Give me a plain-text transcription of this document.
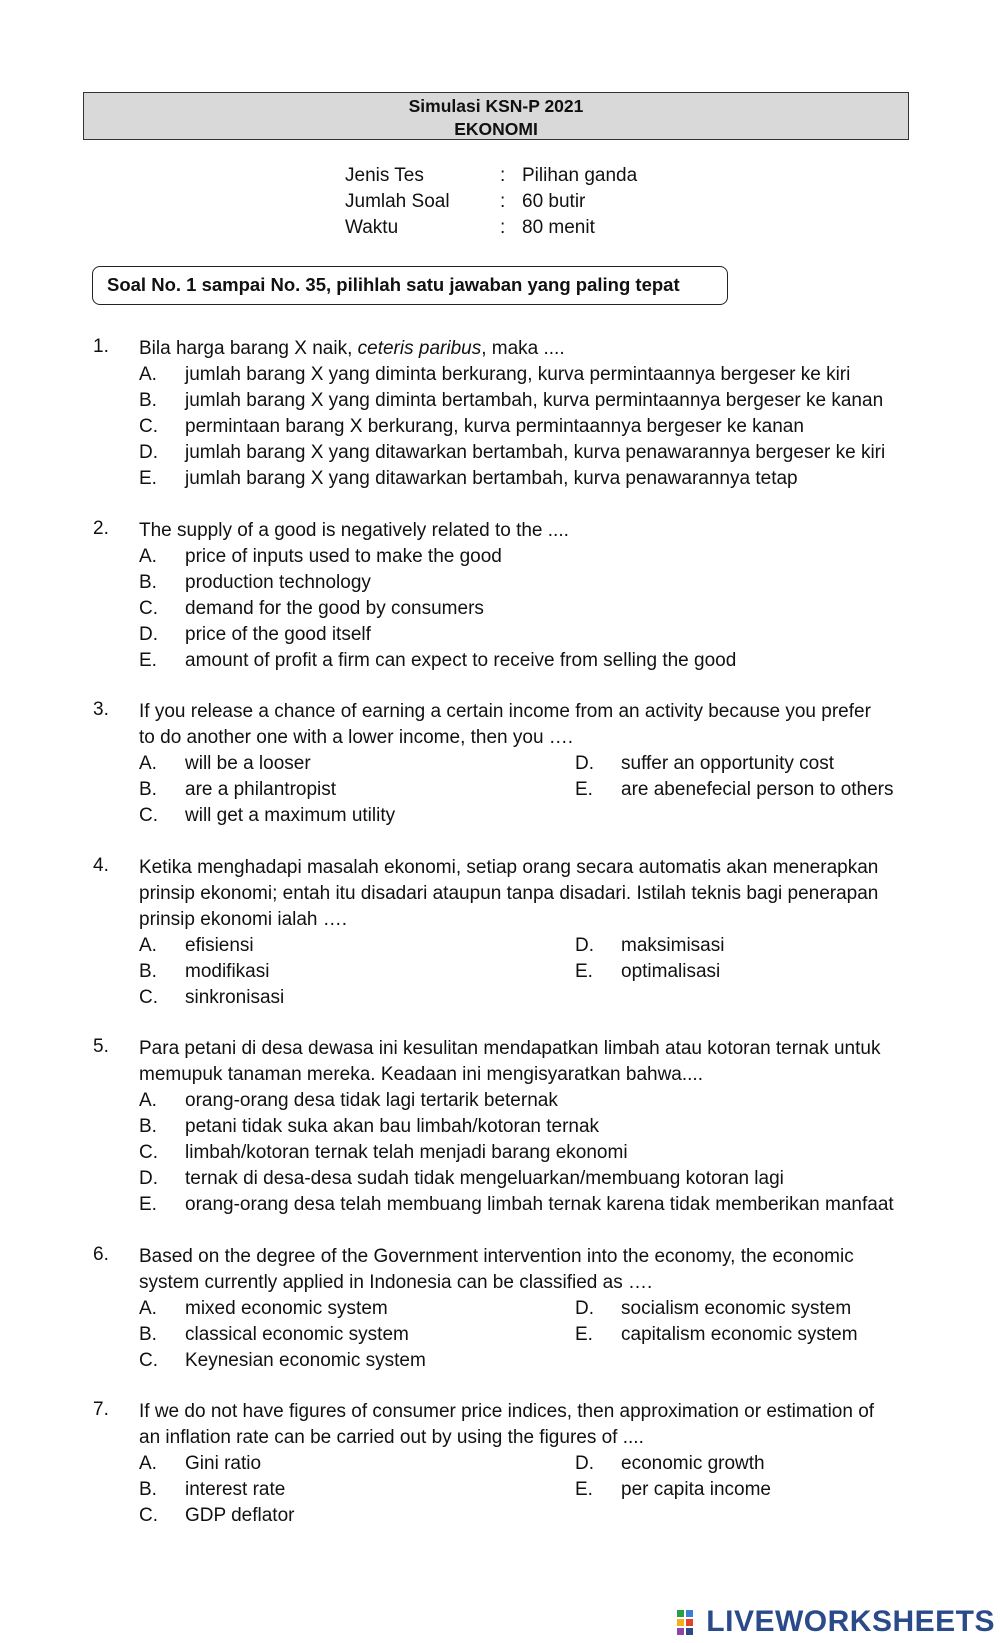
Simulasi KSN-P 2021
EKONOMI
Jenis Tes	: Pilihan ganda
Jumlah Soal	: 60 butir
Waktu	: 80 menit
Soal No. 1 sampai No. 35, pilihlah satu jawaban yang paling tepat
1.	Bila harga barang X naik, ceteris paribus, maka ....
A.	jumlah barang X yang diminta berkurang, kurva permintaannya bergeser ke kiri
B.	jumlah barang X yang diminta bertambah, kurva permintaannya bergeser ke kanan
C.	permintaan barang X berkurang, kurva permintaannya bergeser ke kanan
D.	jumlah barang X yang ditawarkan bertambah, kurva penawarannya bergeser ke kiri
E.	jumlah barang X yang ditawarkan bertambah, kurva penawarannya tetap
2.	The supply of a good is negatively related to the ....
A.	price of inputs used to make the good
B.	production technology
C.	demand for the good by consumers
D.	price of the good itself
E.	amount of profit a firm can expect to receive from selling the good
3.	If you release a chance of earning a certain income from an activity because you prefer
to do another one with a lower income, then you ….
A.	will be a looser	D.	suffer an opportunity cost
B.	are a philantropist	E.	are abenefecial person to others
C.	will get a maximum utility
4.	Ketika menghadapi masalah ekonomi, setiap orang secara automatis akan menerapkan
prinsip ekonomi; entah itu disadari ataupun tanpa disadari. Istilah teknis bagi penerapan
prinsip ekonomi ialah ….
A.	efisiensi	D.	maksimisasi
B.	modifikasi	E.	optimalisasi
C.	sinkronisasi
5.	Para petani di desa dewasa ini kesulitan mendapatkan limbah atau kotoran ternak untuk
memupuk tanaman mereka. Keadaan ini mengisyaratkan bahwa....
A.	orang-orang desa tidak lagi tertarik beternak
B.	petani tidak suka akan bau limbah/kotoran ternak
C.	limbah/kotoran ternak telah menjadi barang ekonomi
D.	ternak di desa-desa sudah tidak mengeluarkan/membuang kotoran lagi
E.	orang-orang desa telah membuang limbah ternak karena tidak memberikan manfaat
6.	Based on the degree of the Government intervention into the economy, the economic
system currently applied in Indonesia can be classified as ….
A.	mixed economic system	D.	socialism economic system
B.	classical economic system	E.	capitalism economic system
C.	Keynesian economic system
7.	If we do not have figures of consumer price indices, then approximation or estimation of
an inflation rate can be carried out by using the figures of ....
A.	Gini ratio	D.	economic growth
B.	interest rate	E.	per capita income
C.	GDP deflator
LIVEWORKSHEETS
